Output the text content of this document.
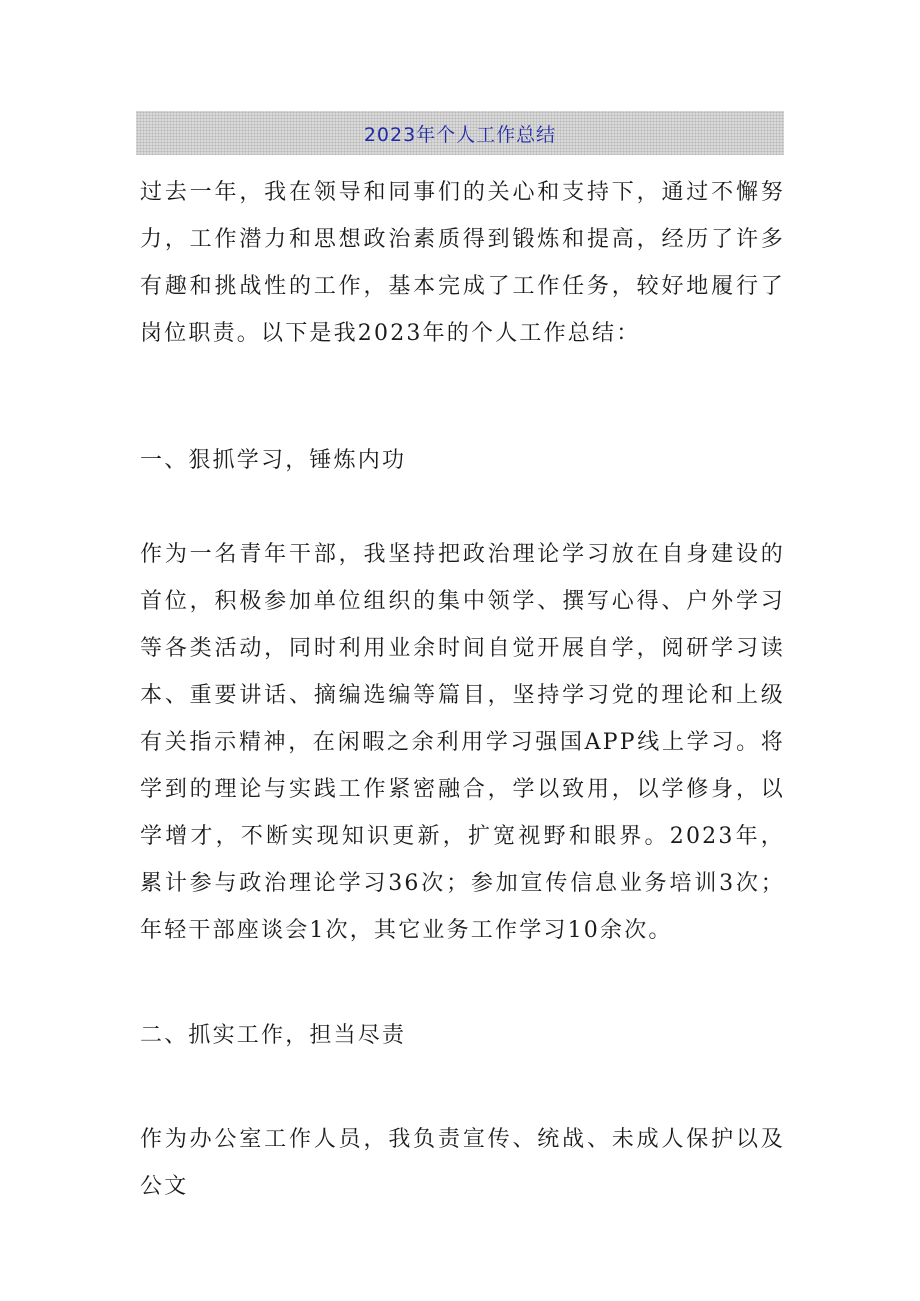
2023年个人工作总结

过去一年，我在领导和同事们的关心和支持下，通过不懈努力，工作潜力和思想政治素质得到锻炼和提高，经历了许多有趣和挑战性的工作，基本完成了工作任务，较好地履行了岗位职责。以下是我2023年的个人工作总结：

一、狠抓学习，锤炼内功

作为一名青年干部，我坚持把政治理论学习放在自身建设的首位，积极参加单位组织的集中领学、撰写心得、户外学习等各类活动，同时利用业余时间自觉开展自学，阅研学习读本、重要讲话、摘编选编等篇目，坚持学习党的理论和上级有关指示精神，在闲暇之余利用学习强国APP线上学习。将学到的理论与实践工作紧密融合，学以致用，以学修身，以学增才，不断实现知识更新，扩宽视野和眼界。2023年，累计参与政治理论学习36次；参加宣传信息业务培训3次；年轻干部座谈会1次，其它业务工作学习10余次。

二、抓实工作，担当尽责

作为办公室工作人员，我负责宣传、统战、未成人保护以及公文
